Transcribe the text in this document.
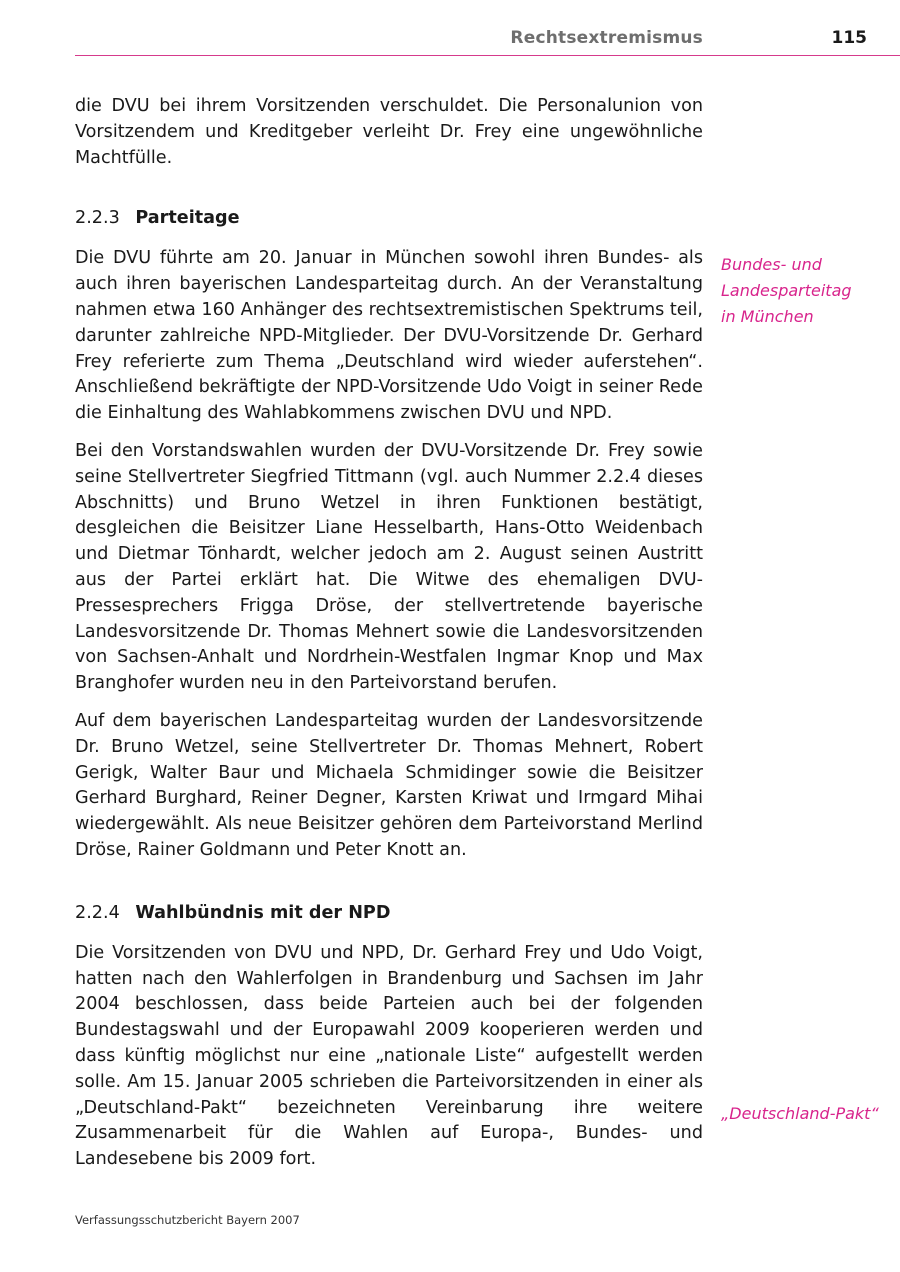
Rechtsextremismus	115

die DVU bei ihrem Vorsitzenden verschuldet. Die Personalunion von Vorsitzendem und Kreditgeber verleiht Dr. Frey eine ungewöhnliche Machtfülle.

2.2.3 Parteitage

Die DVU führte am 20. Januar in München sowohl ihren Bundes- als auch ihren bayerischen Landesparteitag durch. An der Veranstaltung nahmen etwa 160 Anhänger des rechtsextremistischen Spektrums teil, darunter zahlreiche NPD-Mitglieder. Der DVU-Vorsitzende Dr. Gerhard Frey referierte zum Thema „Deutschland wird wieder auferstehen“. Anschließend bekräftigte der NPD-Vorsitzende Udo Voigt in seiner Rede die Einhaltung des Wahlabkommens zwischen DVU und NPD.

Bei den Vorstandswahlen wurden der DVU-Vorsitzende Dr. Frey sowie seine Stellvertreter Siegfried Tittmann (vgl. auch Nummer 2.2.4 dieses Abschnitts) und Bruno Wetzel in ihren Funktionen bestätigt, desgleichen die Beisitzer Liane Hesselbarth, Hans-Otto Weidenbach und Dietmar Tönhardt, welcher jedoch am 2. August seinen Austritt aus der Partei erklärt hat. Die Witwe des ehemaligen DVU-Pressesprechers Frigga Dröse, der stellvertretende bayerische Landesvorsitzende Dr. Thomas Mehnert sowie die Landesvorsitzenden von Sachsen-Anhalt und Nordrhein-Westfalen Ingmar Knop und Max Branghofer wurden neu in den Parteivorstand berufen.

Auf dem bayerischen Landesparteitag wurden der Landesvorsitzende Dr. Bruno Wetzel, seine Stellvertreter Dr. Thomas Mehnert, Robert Gerigk, Walter Baur und Michaela Schmidinger sowie die Beisitzer Gerhard Burghard, Reiner Degner, Karsten Kriwat und Irmgard Mihai wiedergewählt. Als neue Beisitzer gehören dem Parteivorstand Merlind Dröse, Rainer Goldmann und Peter Knott an.

2.2.4 Wahlbündnis mit der NPD

Die Vorsitzenden von DVU und NPD, Dr. Gerhard Frey und Udo Voigt, hatten nach den Wahlerfolgen in Brandenburg und Sachsen im Jahr 2004 beschlossen, dass beide Parteien auch bei der folgenden Bundestagswahl und der Europawahl 2009 kooperieren werden und dass künftig möglichst nur eine „nationale Liste“ aufgestellt werden solle. Am 15. Januar 2005 schrieben die Parteivorsitzenden in einer als „Deutschland-Pakt“ bezeichneten Vereinbarung ihre weitere Zusammenarbeit für die Wahlen auf Europa-, Bundes- und Landesebene bis 2009 fort.

Bundes- und
Landesparteitag
in München
„Deutschland-Pakt“
Verfassungsschutzbericht Bayern 2007
